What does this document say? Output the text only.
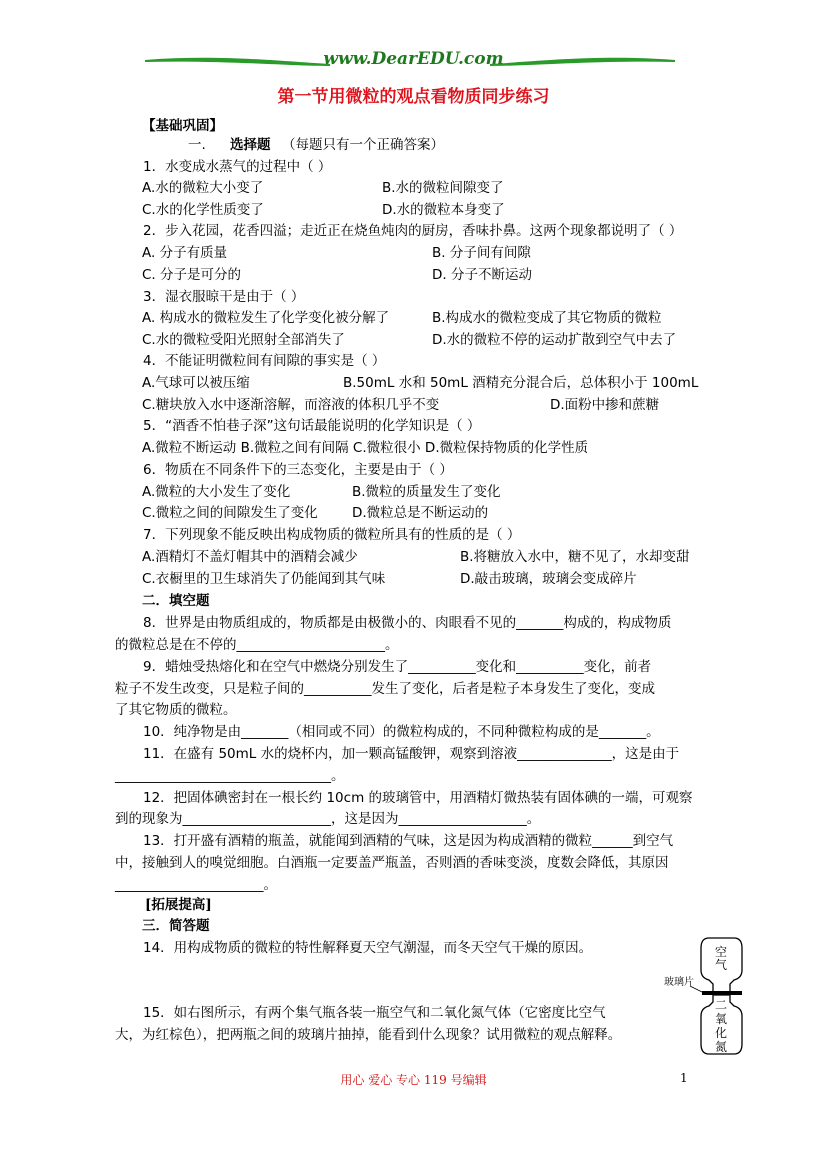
www.DearEDU.com
第一节用微粒的观点看物质同步练习
【基础巩固】
一. 选择题 （每题只有一个正确答案）
1．水变成水蒸气的过程中（ ）
A.水的微粒大小变了	B.水的微粒间隙变了
C.水的化学性质变了	D.水的微粒本身变了
2．步入花园，花香四溢；走近正在烧鱼炖肉的厨房，香味扑鼻。这两个现象都说明了（ ）
A. 分子有质量	B. 分子间有间隙
C. 分子是可分的	D. 分子不断运动
3．湿衣服晾干是由于（ ）
A. 构成水的微粒发生了化学变化被分解了	B.构成水的微粒变成了其它物质的微粒
C.水的微粒受阳光照射全部消失了	D.水的微粒不停的运动扩散到空气中去了
4．不能证明微粒间有间隙的事实是（ ）
A.气球可以被压缩	B.50mL 水和 50mL 酒精充分混合后，总体积小于 100mL
C.糖块放入水中逐渐溶解，而溶液的体积几乎不变	D.面粉中掺和蔗糖
5．“酒香不怕巷子深”这句话最能说明的化学知识是（ ）
A.微粒不断运动 B.微粒之间有间隔 C.微粒很小 D.微粒保持物质的化学性质
6．物质在不同条件下的三态变化，主要是由于（ ）
A.微粒的大小发生了变化	B.微粒的质量发生了变化
C.微粒之间的间隙发生了变化	D.微粒总是不断运动的
7．下列现象不能反映出构成物质的微粒所具有的性质的是（ ）
A.酒精灯不盖灯帽其中的酒精会减少	B.将糖放入水中，糖不见了，水却变甜
C.衣橱里的卫生球消失了仍能闻到其气味	D.敲击玻璃，玻璃会变成碎片
二．填空题
8．世界是由物质组成的，物质都是由极微小的、肉眼看不见的_______构成的，构成物质
的微粒总是在不停的______________________。
9．蜡烛受热熔化和在空气中燃烧分别发生了__________变化和__________变化，前者
粒子不发生改变，只是粒子间的__________发生了变化，后者是粒子本身发生了变化，变成
了其它物质的微粒。
10．纯净物是由_______（相同或不同）的微粒构成的，不同种微粒构成的是_______。
11．在盛有 50mL 水的烧杯内，加一颗高锰酸钾，观察到溶液______________，这是由于
________________________________。
12．把固体碘密封在一根长约 10cm 的玻璃管中，用酒精灯微热装有固体碘的一端，可观察
到的现象为______________________，这是因为___________________。
13．打开盛有酒精的瓶盖，就能闻到酒精的气味，这是因为构成酒精的微粒______到空气
中，接触到人的嗅觉细胞。白酒瓶一定要盖严瓶盖，否则酒的香味变淡，度数会降低，其原因
______________________。
[拓展提高]
三．简答题
14．用构成物质的微粒的特性解释夏天空气潮湿，而冬天空气干燥的原因。
15．如右图所示，有两个集气瓶各装一瓶空气和二氧化氮气体（它密度比空气
大，为红棕色），把两瓶之间的玻璃片抽掉，能看到什么现象？试用微粒的观点解释。
空
气
玻璃片
二
氧
化
氮
用心 爱心 专心 119 号编辑	1
